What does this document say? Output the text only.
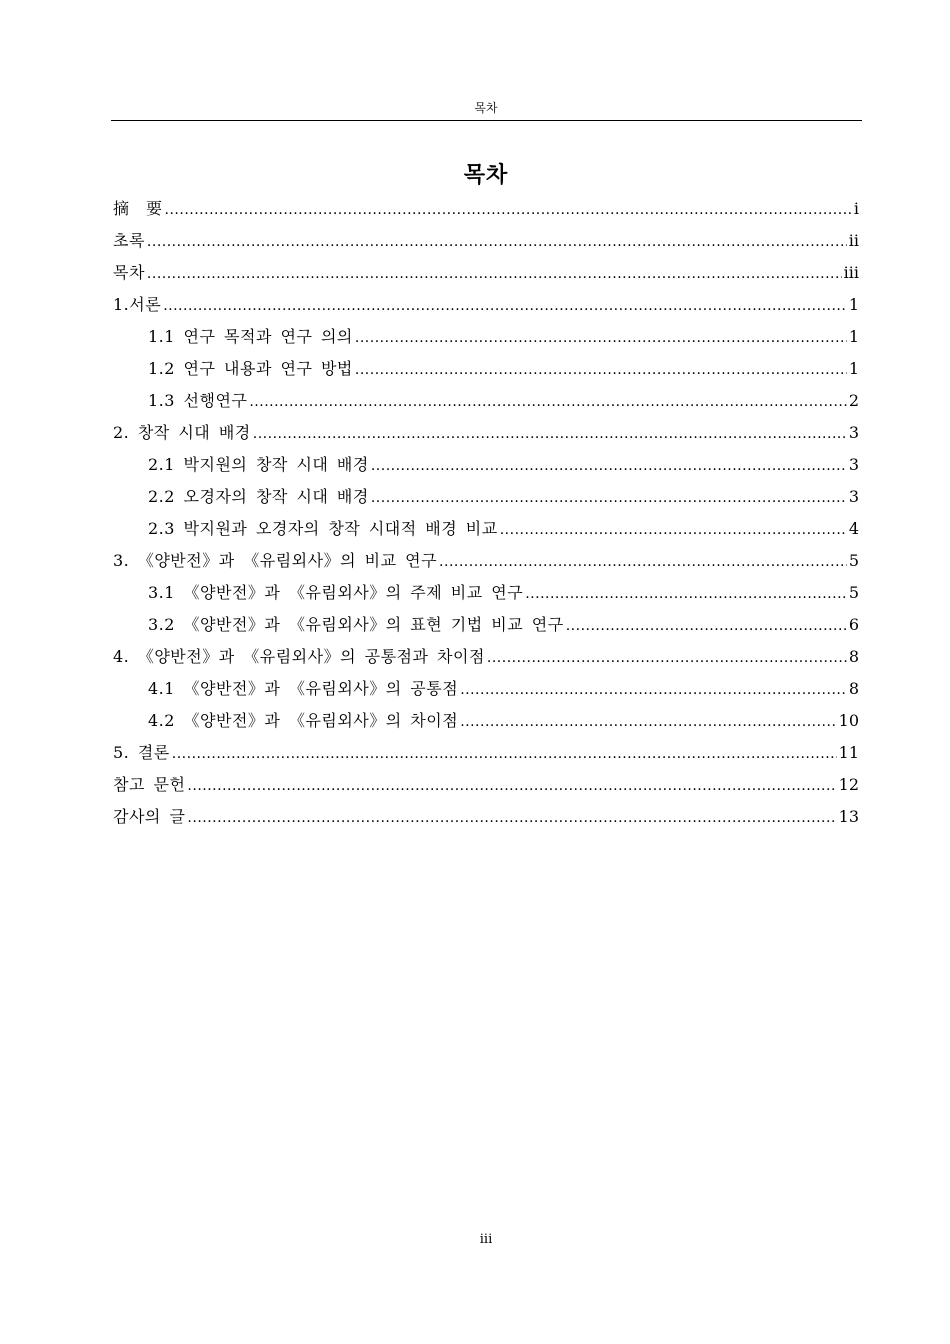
목차
목차
摘　要 .....	i
초록 .....	ii
목차 .....	iii
1.서론 .....	1
1.1 연구 목적과 연구 의의 .....	1
1.2 연구 내용과 연구 방법 .....	1
1.3 선행연구 .....	2
2. 창작 시대 배경 .....	3
2.1 박지원의 창작 시대 배경 .....	3
2.2 오경자의 창작 시대 배경 .....	3
2.3 박지원과 오경자의 창작 시대적 배경 비교 .....	4
3. 《양반전》과 《유림외사》의 비교 연구 .....	5
3.1 《양반전》과 《유림외사》의 주제 비교 연구 .....	5
3.2 《양반전》과 《유림외사》의 표현 기법 비교 연구 .....	6
4. 《양반전》과 《유림외사》의 공통점과 차이점 .....	8
4.1 《양반전》과 《유림외사》의 공통점 .....	8
4.2 《양반전》과 《유림외사》의 차이점 .....	10
5. 결론 .....	11
참고 문헌 .....	12
감사의 글 .....	13
iii
